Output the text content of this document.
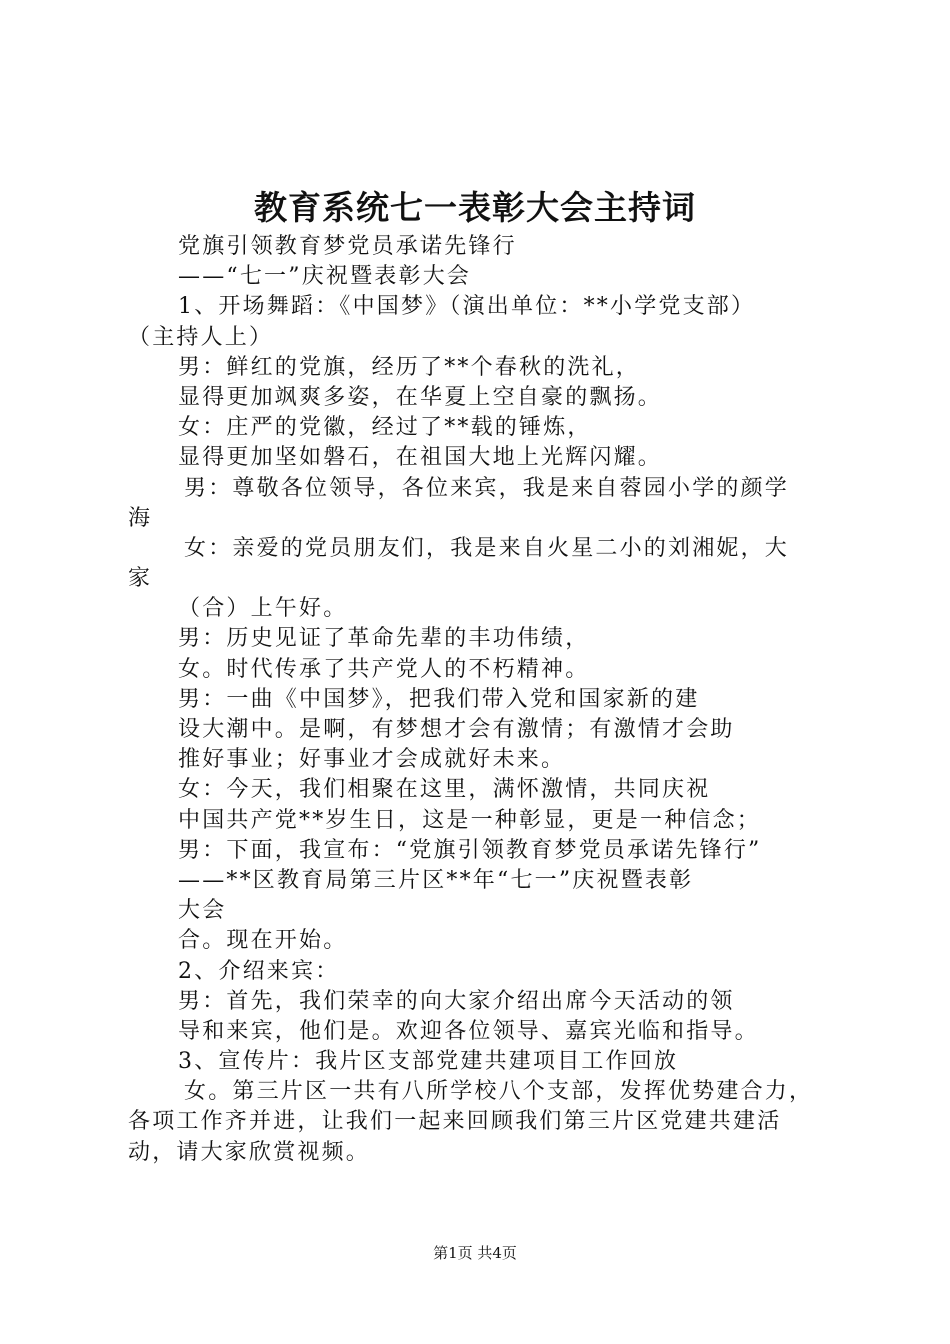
教育系统七一表彰大会主持词

党旗引领教育梦党员承诺先锋行

——“七一”庆祝暨表彰大会

1、开场舞蹈：《中国梦》（演出单位：**小学党支部）

（主持人上）

男：鲜红的党旗，经历了**个春秋的洗礼，

显得更加飒爽多姿，在华夏上空自豪的飘扬。

女：庄严的党徽，经过了**载的锤炼，

显得更加坚如磐石，在祖国大地上光辉闪耀。

男：尊敬各位领导，各位来宾，我是来自蓉园小学的颜学

海

女：亲爱的党员朋友们，我是来自火星二小的刘湘妮，大

家

（合）上午好。

男：历史见证了革命先辈的丰功伟绩，

女。时代传承了共产党人的不朽精神。

男：一曲《中国梦》，把我们带入党和国家新的建

设大潮中。是啊，有梦想才会有激情；有激情才会助

推好事业；好事业才会成就好未来。

女：今天，我们相聚在这里，满怀激情，共同庆祝

中国共产党**岁生日，这是一种彰显，更是一种信念；

男：下面，我宣布：“党旗引领教育梦党员承诺先锋行”

——**区教育局第三片区**年“七一”庆祝暨表彰

大会

合。现在开始。

2、介绍来宾：

男：首先，我们荣幸的向大家介绍出席今天活动的领

导和来宾，他们是。欢迎各位领导、嘉宾光临和指导。

3、宣传片：我片区支部党建共建项目工作回放

女。第三片区一共有八所学校八个支部，发挥优势建合力，

各项工作齐并进，让我们一起来回顾我们第三片区党建共建活

动，请大家欣赏视频。

第1页 共4页
